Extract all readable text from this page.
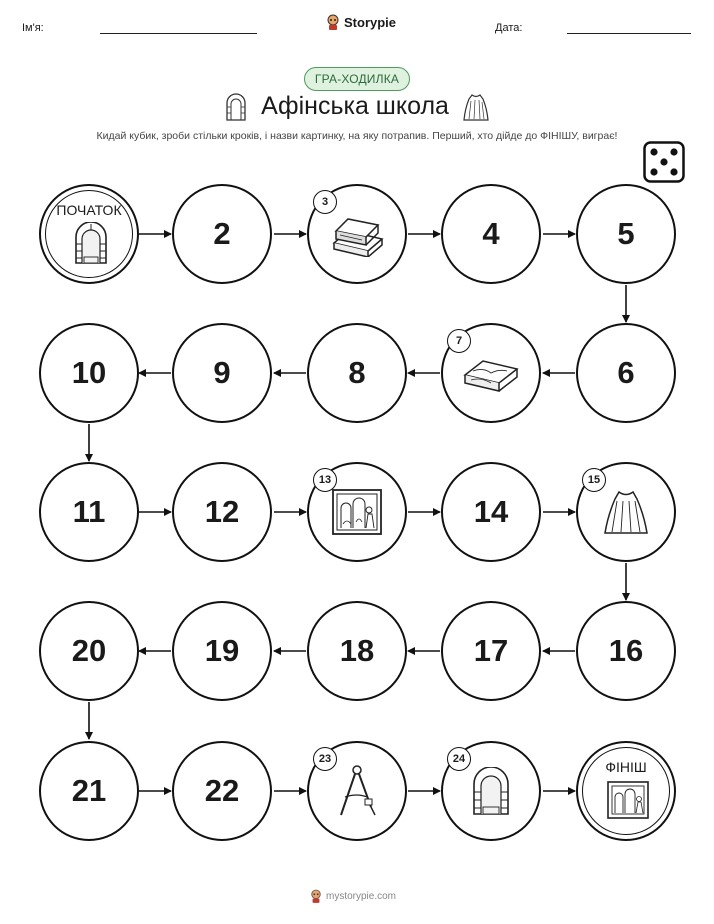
Ім'я:	Storypie	Дата:
ГРА-ХОДИЛКА
Афінська школа
Кидай кубик, зроби стільки кроків, і назви картинку, на яку потрапив. Перший, хто дійде до ФІНІШУ, виграє!
ПОЧАТОК
2
3
4	5
6
7
8
9
10
11	12
13
14
15
16
17
18
19
20
21	22
23	24	ФІНІШ
mystorypie.com
